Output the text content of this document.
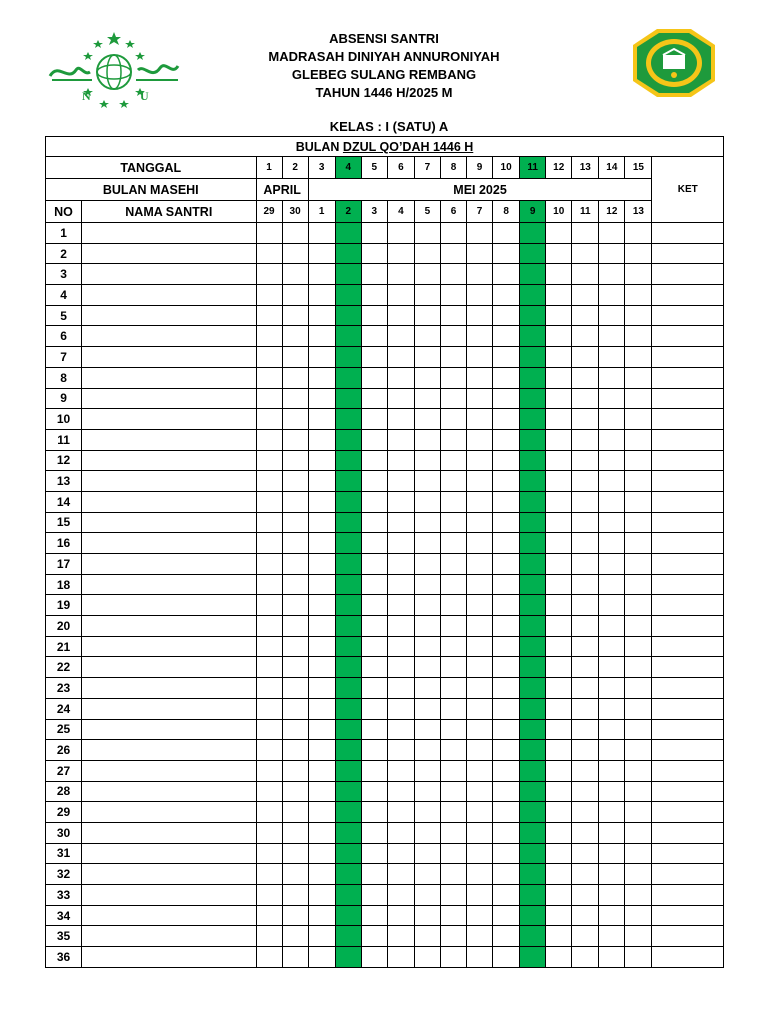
N	U
ABSENSI SANTRI
MADRASAH DINIYAH ANNURONIYAH
GLEBEG SULANG REMBANG
TAHUN 1446 H/2025 M
KELAS : I (SATU) A
BULAN DZUL QO’DAH 1446 H																	
TANGGAL		1	2	3	4	5	6	7	8	9	10	11	12	13	14	15	KET
BULAN MASEHI		APRIL		MEI 2025													
NO	NAMA SANTRI	29	30	1	2	3	4	5	6	7	8	9	10	11	12	13	
1																	
2																	
3																	
4																	
5																	
6																	
7																	
8																	
9																	
10																	
11																	
12																	
13																	
14																	
15																	
16																	
17																	
18																	
19																	
20																	
21																	
22																	
23																	
24																	
25																	
26																	
27																	
28																	
29																	
30																	
31																	
32																	
33																	
34																	
35																	
36																	
